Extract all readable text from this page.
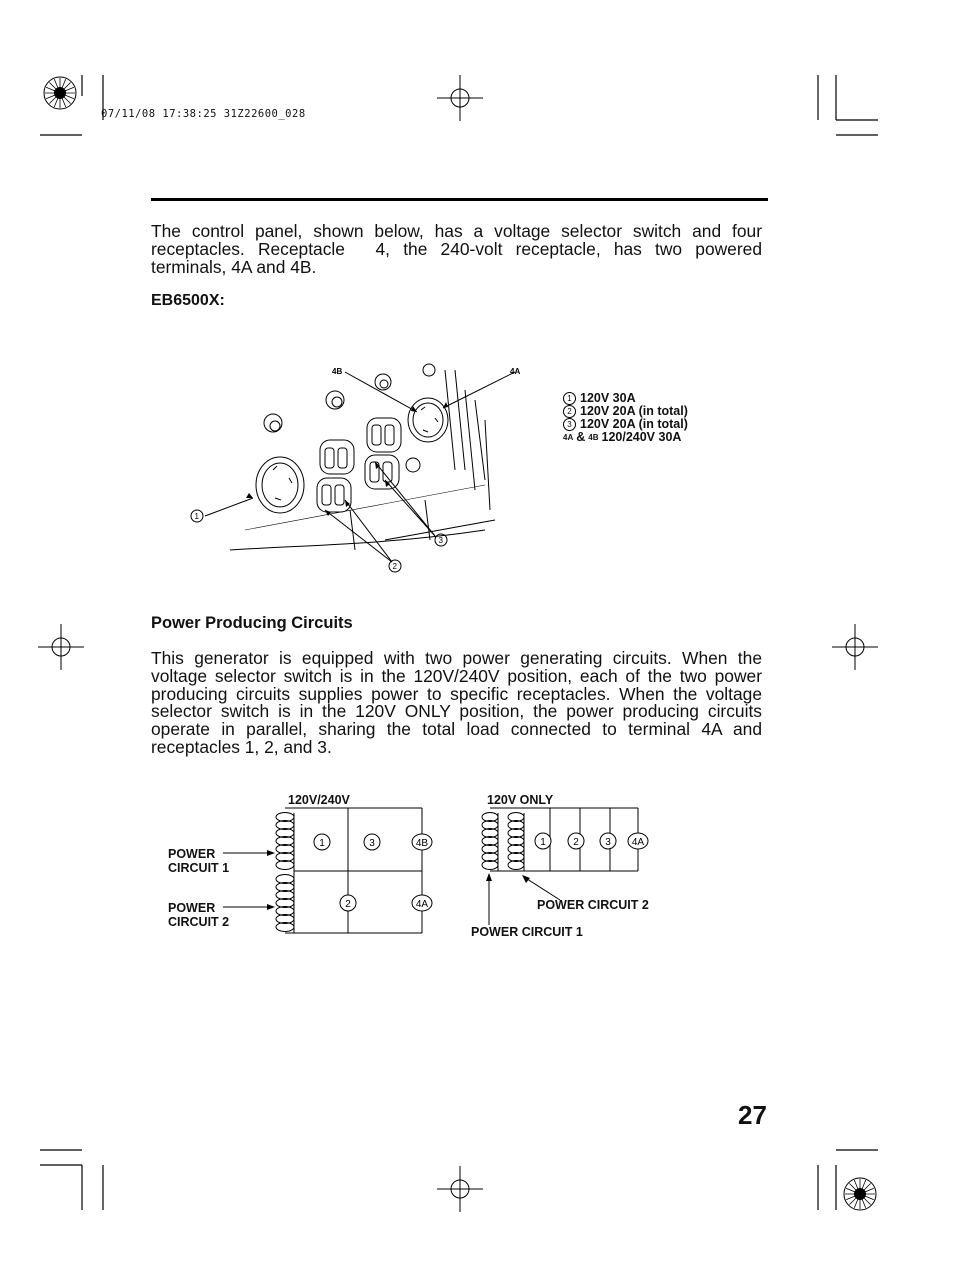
07/11/08 17:38:25 31Z22600_028
The control panel, shown below, has a voltage selector switch and four receptacles. Receptacle  4, the 240-volt receptacle, has two powered terminals, 4A and 4B.
EB6500X:
4B	4A
1
2
3
1 120V 30A
2 120V 20A (in total)
3 120V 20A (in total)
4A & 4B 120/240V 30A
Power Producing Circuits
This generator is equipped with two power generating circuits. When the voltage selector switch is in the 120V/240V position, each of the two power producing circuits supplies power to specific receptacles. When the voltage selector switch is in the 120V ONLY position, the power producing circuits operate in parallel, sharing the total load connected to terminal 4A and receptacles 1, 2, and 3.
120V/240V
POWER
CIRCUIT 1
POWER
CIRCUIT 2
1	3	4B
2	4A
120V ONLY
1	2	3 4A
POWER CIRCUIT 2
POWER CIRCUIT 1
27
